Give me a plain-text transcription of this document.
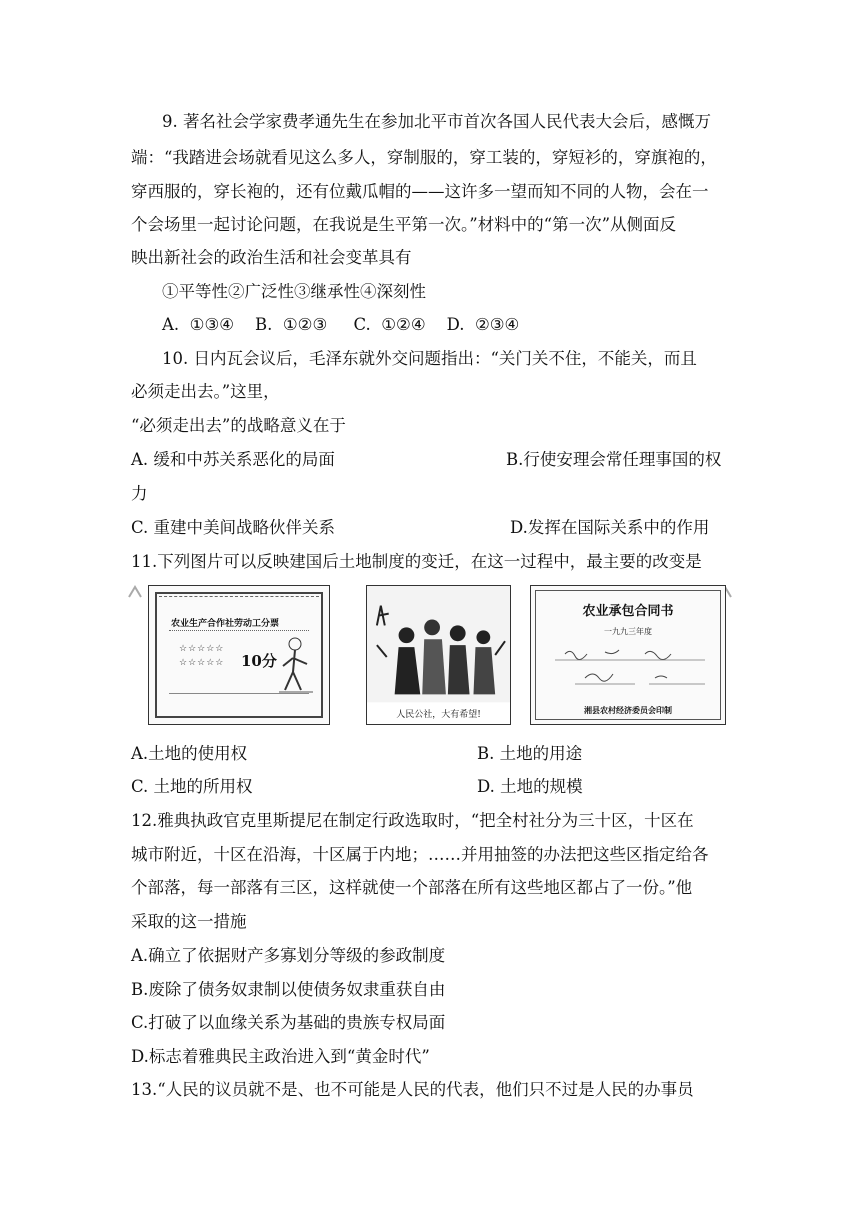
9. 著名社会学家费孝通先生在参加北平市首次各国人民代表大会后，感慨万
端：“我踏进会场就看见这么多人，穿制服的，穿工装的，穿短衫的，穿旗袍的，
穿西服的，穿长袍的，还有位戴瓜帽的——这许多一望而知不同的人物，会在一
个会场里一起讨论问题，在我说是生平第一次。”材料中的“第一次”从侧面反
映出新社会的政治生活和社会变革具有
①平等性②广泛性③继承性④深刻性
A.  ①③④    B.  ①②③     C.  ①②④    D.  ②③④
10. 日内瓦会议后，毛泽东就外交问题指出：“关门关不住，不能关，而且
必须走出去。”这里，
“必须走出去”的战略意义在于
A. 缓和中苏关系恶化的局面	B.行使安理会常任理事国的权
力
C. 重建中美间战略伙伴关系	D.发挥在国际关系中的作用
11.下列图片可以反映建国后土地制度的变迁，在这一过程中，最主要的改变是
农业生产合作社劳动工分票
☆☆☆☆☆
☆☆☆☆☆ 10分
人民公社，大有希望!
农业承包合同书
一九九三年度
湘县农村经济委员会印制
A.土地的使用权	B. 土地的用途
C. 土地的所用权	D. 土地的规模
12.雅典执政官克里斯提尼在制定行政选取时，“把全村社分为三十区，十区在
城市附近，十区在沿海，十区属于内地；……并用抽签的办法把这些区指定给各
个部落，每一部落有三区，这样就使一个部落在所有这些地区都占了一份。”他
采取的这一措施
A.确立了依据财产多寡划分等级的参政制度
B.废除了债务奴隶制以使债务奴隶重获自由
C.打破了以血缘关系为基础的贵族专权局面
D.标志着雅典民主政治进入到“黄金时代”
13.“人民的议员就不是、也不可能是人民的代表，他们只不过是人民的办事员
